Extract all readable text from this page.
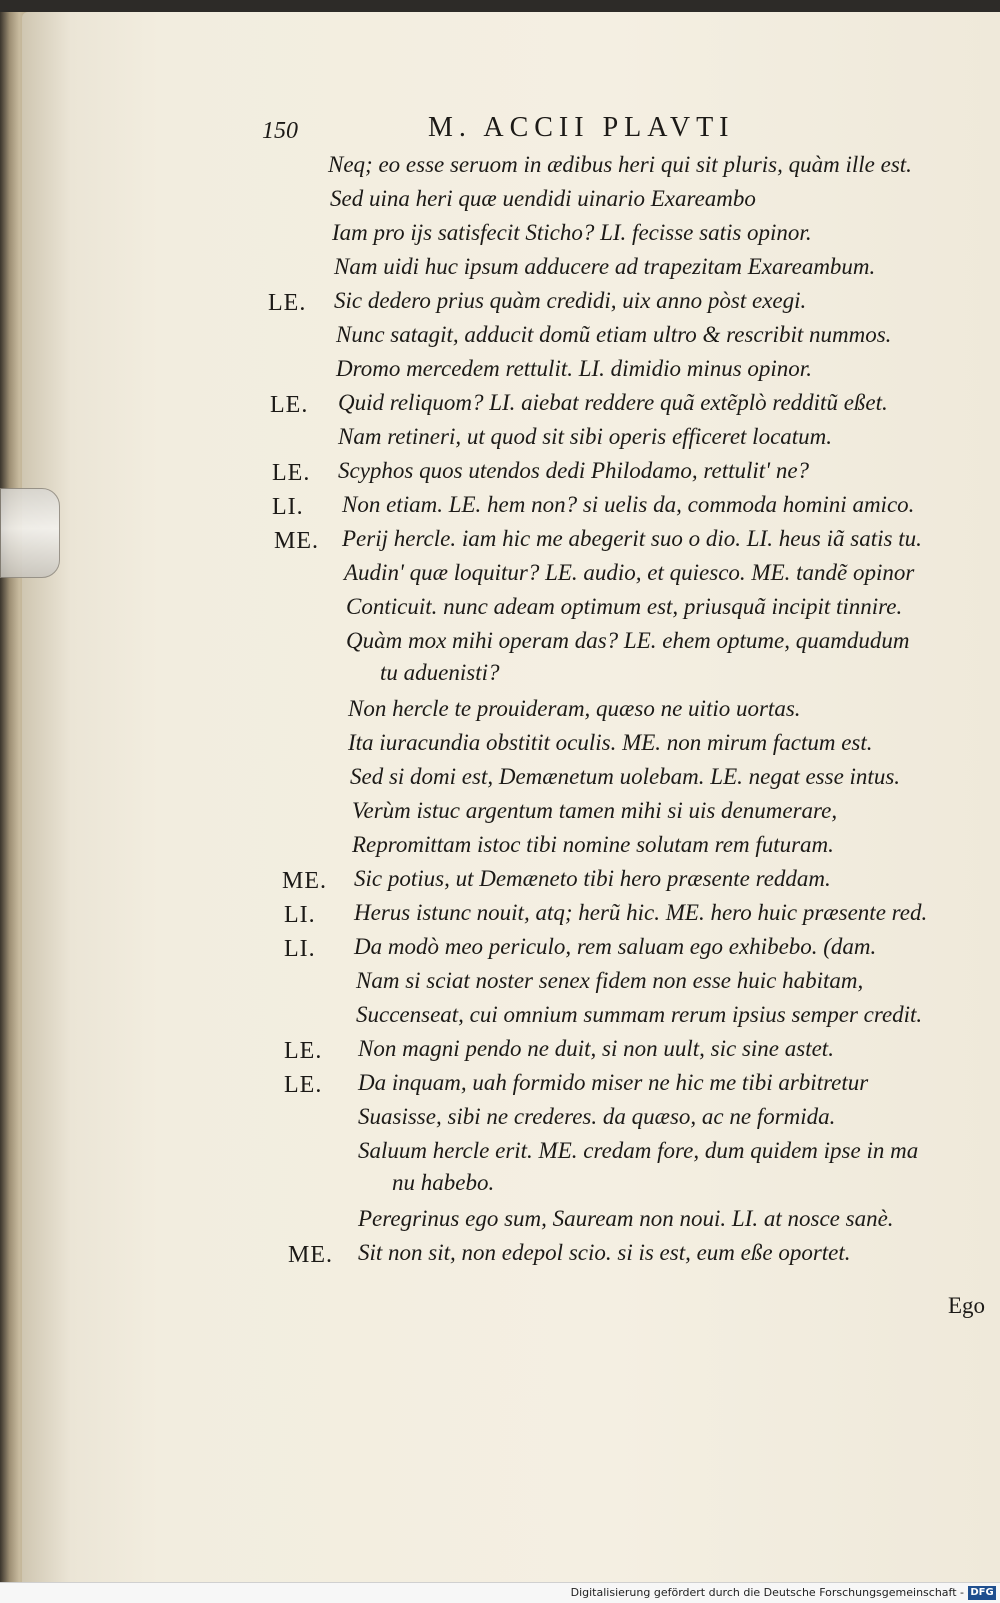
150	M. ACCII PLAVTI
Neq; eo esse seruom in ædibus heri qui sit pluris, quàm ille est.
Sed uina heri quæ uendidi uinario Exareambo
Iam pro ijs satisfecit Sticho? LI. fecisse satis opinor.
Nam uidi huc ipsum adducere ad trapezitam Exareambum.
Sic dedero prius quàm credidi, uix anno pòst exegi.
Nunc satagit, adducit domũ etiam ultro & rescribit nummos.
Dromo mercedem rettulit. LI. dimidio minus opinor.
Quid reliquom? LI. aiebat reddere quã extẽplò redditũ eßet.
Nam retineri, ut quod sit sibi operis efficeret locatum.
Scyphos quos utendos dedi Philodamo, rettulit' ne?
Non etiam. LE. hem non? si uelis da, commoda homini amico.
Perij hercle. iam hic me abegerit suo o dio. LI. heus iã satis tu.
Audin' quæ loquitur? LE. audio, et quiesco. ME. tandẽ opinor
Conticuit. nunc adeam optimum est, priusquã incipit tinnire.
Quàm mox mihi operam das? LE. ehem optume, quamdudum
tu aduenisti?
Non hercle te prouideram, quæso ne uitio uortas.
Ita iuracundia obstitit oculis. ME. non mirum factum est.
Sed si domi est, Demænetum uolebam. LE. negat esse intus.
Verùm istuc argentum tamen mihi si uis denumerare,
Repromittam istoc tibi nomine solutam rem futuram.
Sic potius, ut Demæneto tibi hero præsente reddam.
Herus istunc nouit, atq; herũ hic. ME. hero huic præsente red.
Da modò meo periculo, rem saluam ego exhibebo. (dam.
Nam si sciat noster senex fidem non esse huic habitam,
Succenseat, cui omnium summam rerum ipsius semper credit.
Non magni pendo ne duit, si non uult, sic sine astet.
Da inquam, uah formido miser ne hic me tibi arbitretur
Suasisse, sibi ne crederes. da quæso, ac ne formida.
Saluum hercle erit. ME. credam fore, dum quidem ipse in ma
nu habebo.
Peregrinus ego sum, Sauream non noui. LI. at nosce sanè.
Sit non sit, non edepol scio. si is est, eum eße oportet.
LE.
LE.
LE.
LI.
ME.
ME.
LI.
LI.
LE.
LE.
ME.
Ego
Digitalisierung gefördert durch die Deutsche Forschungsgemeinschaft - DFG
